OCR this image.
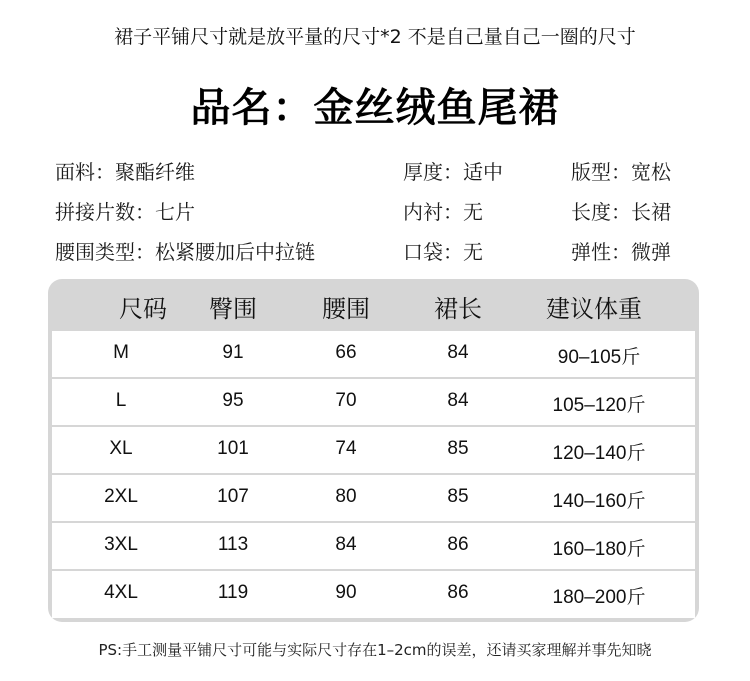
裙子平铺尺寸就是放平量的尺寸*2 不是自己量自己一圈的尺寸
品名：金丝绒鱼尾裙
面料：聚酯纤维	厚度：适中	版型：宽松
拼接片数：七片	内衬：无	长度：长裙
腰围类型：松紧腰加后中拉链	口袋：无	弹性：微弹
尺码	臀围	腰围	裙长	建议体重
M	91	66	84	90–105斤
L	95	70	84	105–120斤
XL	101	74	85	120–140斤
2XL	107	80	85	140–160斤
3XL	113	84	86	160–180斤
4XL	119	90	86	180–200斤
PS:手工测量平铺尺寸可能与实际尺寸存在1–2cm的误差，还请买家理解并事先知晓
